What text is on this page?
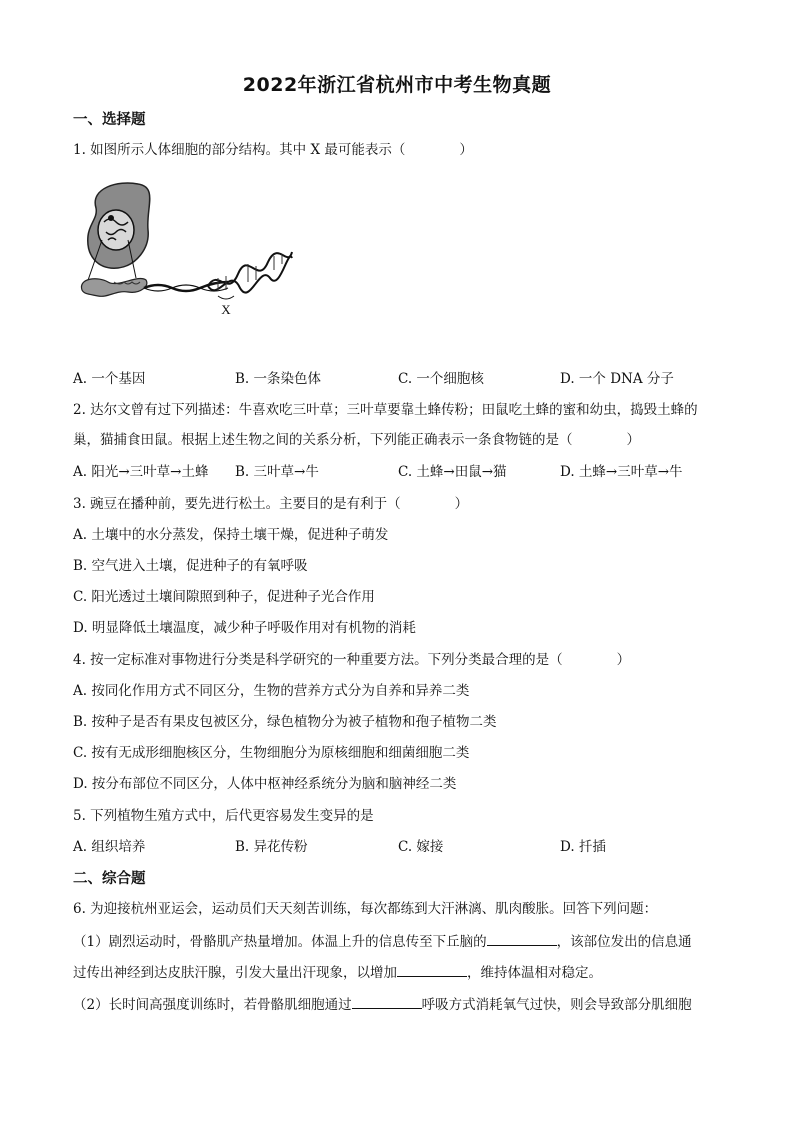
2022年浙江省杭州市中考生物真题
一、选择题
1. 如图所示人体细胞的部分结构。其中 X 最可能表示（　　　　）
X
A. 一个基因	B. 一条染色体	C. 一个细胞核	D. 一个 DNA 分子
2. 达尔文曾有过下列描述：牛喜欢吃三叶草；三叶草要靠土蜂传粉；田鼠吃土蜂的蜜和幼虫，捣毁土蜂的
巢，猫捕食田鼠。根据上述生物之间的关系分析，下列能正确表示一条食物链的是（　　　　）
A. 阳光→三叶草→土蜂 B. 三叶草→牛	C. 土蜂→田鼠→猫	D. 土蜂→三叶草→牛
3. 豌豆在播种前，要先进行松土。主要目的是有利于（　　　　）
A. 土壤中的水分蒸发，保持土壤干燥，促进种子萌发
B. 空气进入土壤，促进种子的有氧呼吸
C. 阳光透过土壤间隙照到种子，促进种子光合作用
D. 明显降低土壤温度，减少种子呼吸作用对有机物的消耗
4. 按一定标准对事物进行分类是科学研究的一种重要方法。下列分类最合理的是（　　　　）
A. 按同化作用方式不同区分，生物的营养方式分为自养和异养二类
B. 按种子是否有果皮包被区分，绿色植物分为被子植物和孢子植物二类
C. 按有无成形细胞核区分，生物细胞分为原核细胞和细菌细胞二类
D. 按分布部位不同区分，人体中枢神经系统分为脑和脑神经二类
5. 下列植物生殖方式中，后代更容易发生变异的是
A. 组织培养	B. 异花传粉	C. 嫁接	D. 扦插
二、综合题
6. 为迎接杭州亚运会，运动员们天天刻苦训练，每次都练到大汗淋漓、肌肉酸胀。回答下列问题：
（1）剧烈运动时，骨骼肌产热量增加。体温上升的信息传至下丘脑的	，该部位发出的信息通
过传出神经到达皮肤汗腺，引发大量出汗现象，以增加	，维持体温相对稳定。
（2）长时间高强度训练时，若骨骼肌细胞通过	呼吸方式消耗氧气过快，则会导致部分肌细胞
